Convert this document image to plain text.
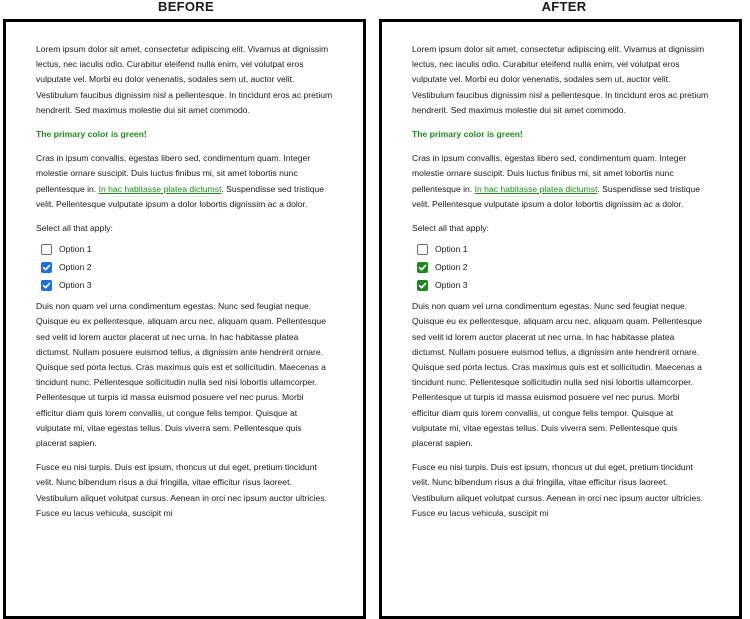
BEFORE	AFTER

Lorem ipsum dolor sit amet, consectetur adipiscing elit. Vivamus at dignissim lectus, nec iaculis odio. Curabitur eleifend nulla enim, vel volutpat eros vulputate vel. Morbi eu dolor venenatis, sodales sem ut, auctor velit. Vestibulum faucibus dignissim nisl a pellentesque. In tincidunt eros ac pretium hendrerit. Sed maximus molestie dui sit amet commodo.

The primary color is green!

Cras in ipsum convallis, egestas libero sed, condimentum quam. Integer molestie ornare suscipit. Duis luctus finibus mi, sit amet lobortis nunc pellentesque in. In hac habitasse platea dictumst. Suspendisse sed tristique velit. Pellentesque vulputate ipsum a dolor lobortis dignissim ac a dolor.

Select all that apply:
Option 1
Option 2
Option 3

Duis non quam vel urna condimentum egestas. Nunc sed feugiat neque. Quisque eu ex pellentesque, aliquam arcu nec, aliquam quam. Pellentesque sed velit id lorem auctor placerat ut nec urna. In hac habitasse platea dictumst. Nullam posuere euismod tellus, a dignissim ante hendrerit ornare. Quisque sed porta lectus. Cras maximus quis est et sollicitudin. Maecenas a tincidunt nunc. Pellentesque sollicitudin nulla sed nisi lobortis ullamcorper. Pellentesque ut turpis id massa euismod posuere vel nec purus. Morbi efficitur diam quis lorem convallis, ut congue felis tempor. Quisque at vulputate mi, vitae egestas tellus. Duis viverra sem. Pellentesque quis placerat sapien.

Fusce eu nisi turpis. Duis est ipsum, rhoncus ut dui eget, pretium tincidunt velit. Nunc bibendum risus a dui fringilla, vitae efficitur risus laoreet. Vestibulum aliquet volutpat cursus. Aenean in orci nec ipsum auctor ultricies. Fusce eu lacus vehicula, suscipit mi

Lorem ipsum dolor sit amet, consectetur adipiscing elit. Vivamus at dignissim lectus, nec iaculis odio. Curabitur eleifend nulla enim, vel volutpat eros vulputate vel. Morbi eu dolor venenatis, sodales sem ut, auctor velit. Vestibulum faucibus dignissim nisl a pellentesque. In tincidunt eros ac pretium hendrerit. Sed maximus molestie dui sit amet commodo.

The primary color is green!

Cras in ipsum convallis, egestas libero sed, condimentum quam. Integer molestie ornare suscipit. Duis luctus finibus mi, sit amet lobortis nunc pellentesque in. In hac habitasse platea dictumst. Suspendisse sed tristique velit. Pellentesque vulputate ipsum a dolor lobortis dignissim ac a dolor.

Select all that apply:
Option 1
Option 2
Option 3

Duis non quam vel urna condimentum egestas. Nunc sed feugiat neque. Quisque eu ex pellentesque, aliquam arcu nec, aliquam quam. Pellentesque sed velit id lorem auctor placerat ut nec urna. In hac habitasse platea dictumst. Nullam posuere euismod tellus, a dignissim ante hendrerit ornare. Quisque sed porta lectus. Cras maximus quis est et sollicitudin. Maecenas a tincidunt nunc. Pellentesque sollicitudin nulla sed nisi lobortis ullamcorper. Pellentesque ut turpis id massa euismod posuere vel nec purus. Morbi efficitur diam quis lorem convallis, ut congue felis tempor. Quisque at vulputate mi, vitae egestas tellus. Duis viverra sem. Pellentesque quis placerat sapien.

Fusce eu nisi turpis. Duis est ipsum, rhoncus ut dui eget, pretium tincidunt velit. Nunc bibendum risus a dui fringilla, vitae efficitur risus laoreet. Vestibulum aliquet volutpat cursus. Aenean in orci nec ipsum auctor ultricies. Fusce eu lacus vehicula, suscipit mi
